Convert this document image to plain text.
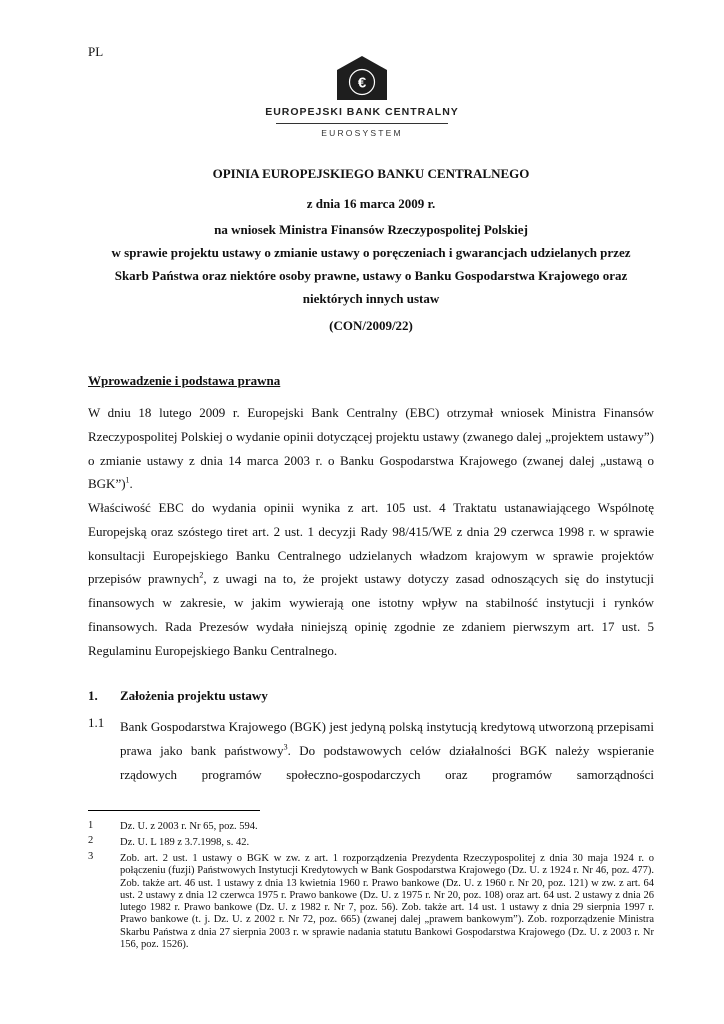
PL
€
EUROPEJSKI BANK CENTRALNY
EUROSYSTEM
OPINIA EUROPEJSKIEGO BANKU CENTRALNEGO
z dnia 16 marca 2009 r.
na wniosek Ministra Finansów Rzeczypospolitej Polskiej
w sprawie projektu ustawy o zmianie ustawy o poręczeniach i gwarancjach udzielanych przez
Skarb Państwa oraz niektóre osoby prawne, ustawy o Banku Gospodarstwa Krajowego oraz
niektórych innych ustaw
(CON/2009/22)
Wprowadzenie i podstawa prawna
W dniu 18 lutego 2009 r. Europejski Bank Centralny (EBC) otrzymał wniosek Ministra Finansów Rzeczypospolitej Polskiej o wydanie opinii dotyczącej projektu ustawy (zwanego dalej „projektem ustawy”) o zmianie ustawy z dnia 14 marca 2003 r. o Banku Gospodarstwa Krajowego (zwanej dalej „ustawą o BGK”)$^1$.
Właściwość EBC do wydania opinii wynika z art. 105 ust. 4 Traktatu ustanawiającego Wspólnotę Europejską oraz szóstego tiret art. 2 ust. 1 decyzji Rady 98/415/WE z dnia 29 czerwca 1998 r. w sprawie konsultacji Europejskiego Banku Centralnego udzielanych władzom krajowym w sprawie projektów przepisów prawnych$^2$, z uwagi na to, że projekt ustawy dotyczy zasad odnoszących się do instytucji finansowych w zakresie, w jakim wywierają one istotny wpływ na stabilność instytucji i rynków finansowych. Rada Prezesów wydała niniejszą opinię zgodnie ze zdaniem pierwszym art. 17 ust. 5 Regulaminu Europejskiego Banku Centralnego.
1. Założenia projektu ustawy
1.1 Bank Gospodarstwa Krajowego (BGK) jest jedyną polską instytucją kredytową utworzoną przepisami prawa jako bank państwowy$^3$. Do podstawowych celów działalności BGK należy wspieranie rządowych programów społeczno-gospodarczych oraz programów samorządności
1	Dz. U. z 2003 r. Nr 65, poz. 594.
2	Dz. U. L 189 z 3.7.1998, s. 42.
3	Zob. art. 2 ust. 1 ustawy o BGK w zw. z art. 1 rozporządzenia Prezydenta Rzeczypospolitej z dnia 30 maja 1924 r. o połączeniu (fuzji) Państwowych Instytucji Kredytowych w Bank Gospodarstwa Krajowego (Dz. U. z 1924 r. Nr 46, poz. 477). Zob. także art. 46 ust. 1 ustawy z dnia 13 kwietnia 1960 r. Prawo bankowe (Dz. U. z 1960 r. Nr 20, poz. 121) w zw. z art. 64 ust. 2 ustawy z dnia 12 czerwca 1975 r. Prawo bankowe (Dz. U. z 1975 r. Nr 20, poz. 108) oraz art. 64 ust. 2 ustawy z dnia 26 lutego 1982 r. Prawo bankowe (Dz. U. z 1982 r. Nr 7, poz. 56). Zob. także art. 14 ust. 1 ustawy z dnia 29 sierpnia 1997 r. Prawo bankowe (t. j. Dz. U. z 2002 r. Nr 72, poz. 665) (zwanej dalej „prawem bankowym”). Zob. rozporządzenie Ministra Skarbu Państwa z dnia 27 sierpnia 2003 r. w sprawie nadania statutu Bankowi Gospodarstwa Krajowego (Dz. U. z 2003 r. Nr 156, poz. 1526).
